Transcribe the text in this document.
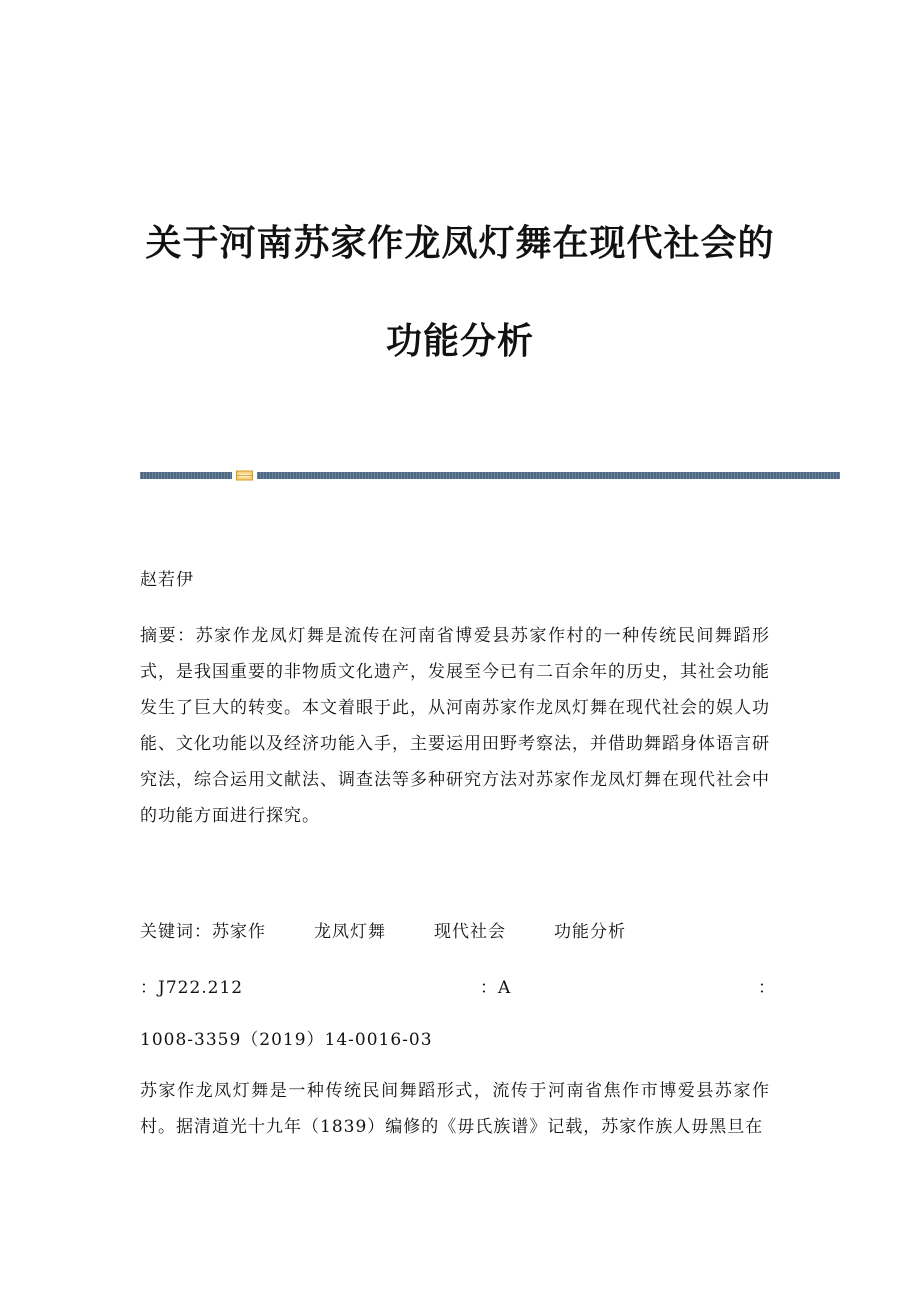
关于河南苏家作龙凤灯舞在现代社会的
功能分析
赵若伊
摘要：苏家作龙凤灯舞是流传在河南省博爱县苏家作村的一种传统民间舞蹈形式，是我国重要的非物质文化遗产，发展至今已有二百余年的历史，其社会功能发生了巨大的转变。本文着眼于此，从河南苏家作龙凤灯舞在现代社会的娱人功能、文化功能以及经济功能入手，主要运用田野考察法，并借助舞蹈身体语言研究法，综合运用文献法、调查法等多种研究方法对苏家作龙凤灯舞在现代社会中的功能方面进行探究。
关键词：苏家作	龙凤灯舞	现代社会	功能分析
：J722.212	：A	：
1008-3359（2019）14-0016-03
苏家作龙凤灯舞是一种传统民间舞蹈形式，流传于河南省焦作市博爱县苏家作村。据清道光十九年（1839）编修的《毋氏族谱》记载，苏家作族人毋黑旦在
